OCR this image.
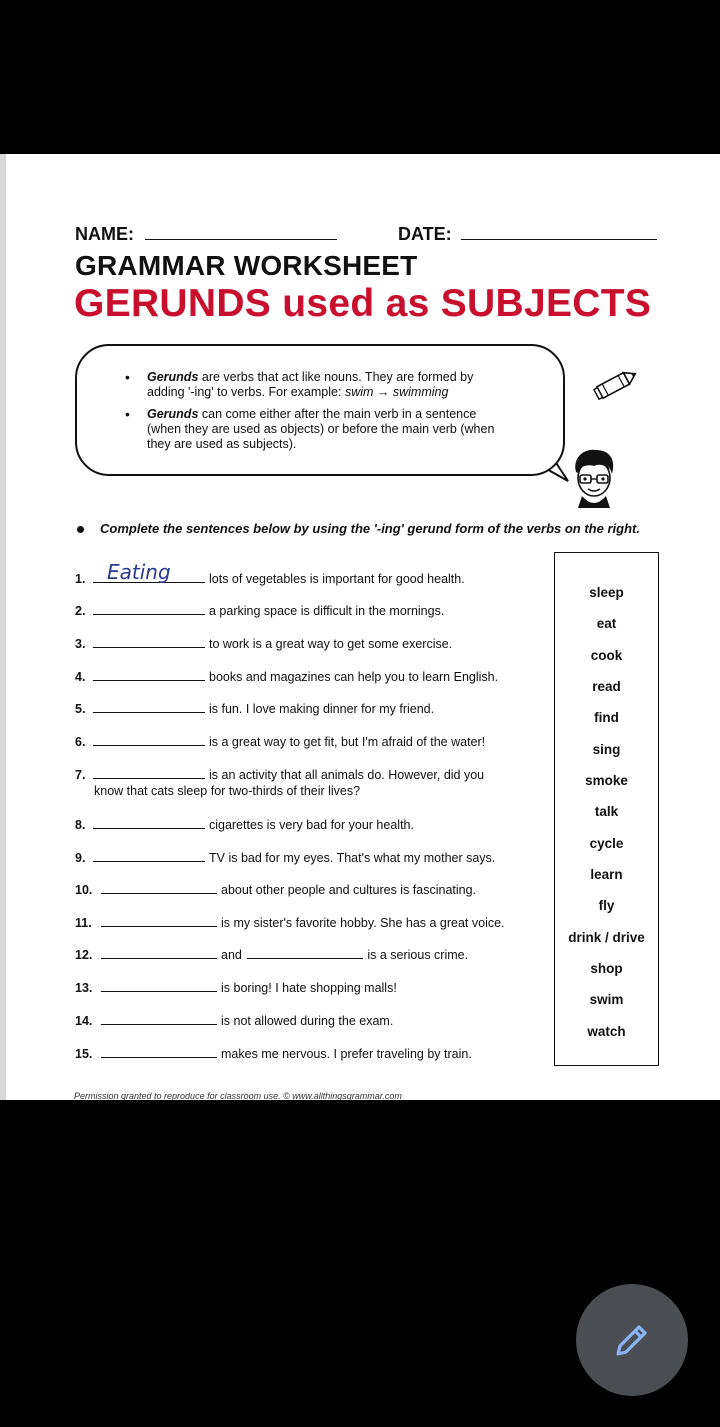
NAME:	DATE:
GRAMMAR WORKSHEET
GERUNDS used as SUBJECTS
• Gerunds are verbs that act like nouns. They are formed by adding '-ing' to verbs. For example: swim → swimming
• Gerunds can come either after the main verb in a sentence (when they are used as objects) or before the main verb (when they are used as subjects).
Complete the sentences below by using the '-ing' gerund form of the verbs on the right.
1. Eating	lots of vegetables is important for good health.
2.	a parking space is difficult in the mornings.
3.	to work is a great way to get some exercise.
4.	books and magazines can help you to learn English.
5.	is fun. I love making dinner for my friend.
6.	is a great way to get fit, but I'm afraid of the water!
7.	is an activity that all animals do. However, did you
know that cats sleep for two-thirds of their lives?
8.	cigarettes is very bad for your health.
9.	TV is bad for my eyes. That's what my mother says.
10.	about other people and cultures is fascinating.
11.	is my sister's favorite hobby. She has a great voice.
12.	and	is a serious crime.
13.	is boring! I hate shopping malls!
14.	is not allowed during the exam.
15.	makes me nervous. I prefer traveling by train.
sleep
eat
cook
read
find
sing
smoke
talk
cycle
learn
fly
drink / drive
shop
swim
watch
Permission granted to reproduce for classroom use. © www.allthingsgrammar.com
